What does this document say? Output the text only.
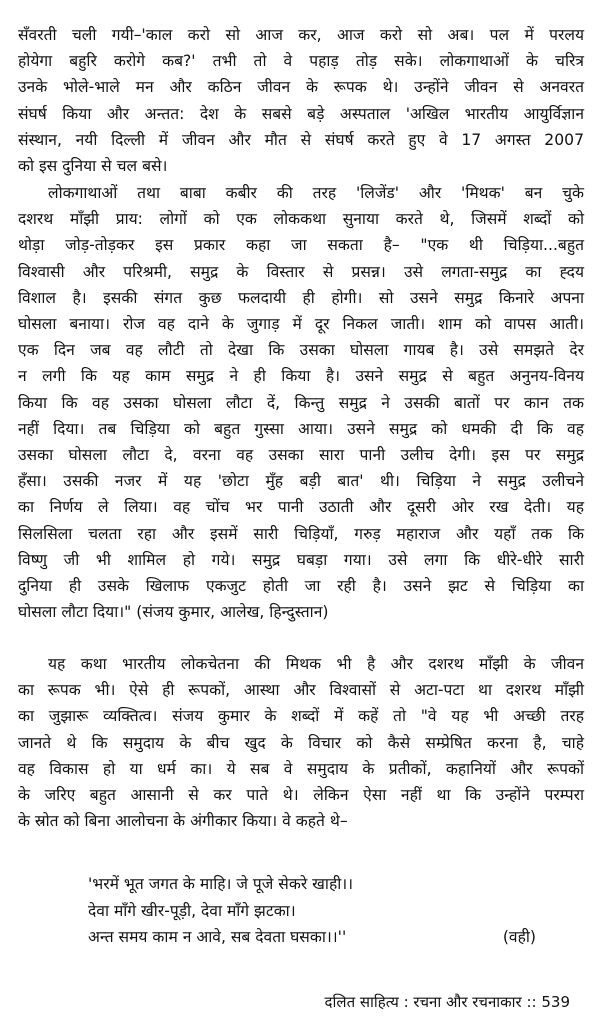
सँवरती चली गयी–'काल करो सो आज कर, आज करो सो अब। पल में परलय
होयेगा बहुरि करोगे कब?' तभी तो वे पहाड़ तोड़ सके। लोकगाथाओं के चरित्र
उनके भोले-भाले मन और कठिन जीवन के रूपक थे। उन्होंने जीवन से अनवरत
संघर्ष किया और अन्तत: देश के सबसे बड़े अस्पताल 'अखिल भारतीय आयुर्विज्ञान
संस्थान, नयी दिल्ली में जीवन और मौत से संघर्ष करते हुए वे 17 अगस्त 2007
को इस दुनिया से चल बसे।
लोकगाथाओं तथा बाबा कबीर की तरह 'लिजेंड' और 'मिथक' बन चुके
दशरथ माँझी प्राय: लोगों को एक लोककथा सुनाया करते थे, जिसमें शब्दों को
थोड़ा जोड़-तोड़कर इस प्रकार कहा जा सकता है– "एक थी चिड़िया...बहुत
विश्वासी और परिश्रमी, समुद्र के विस्तार से प्रसन्न। उसे लगता-समुद्र का ह्दय
विशाल है। इसकी संगत कुछ फलदायी ही होगी। सो उसने समुद्र किनारे अपना
घोसला बनाया। रोज वह दाने के जुगाड़ में दूर निकल जाती। शाम को वापस आती।
एक दिन जब वह लौटी तो देखा कि उसका घोसला गायब है। उसे समझते देर
न लगी कि यह काम समुद्र ने ही किया है। उसने समुद्र से बहुत अनुनय-विनय
किया कि वह उसका घोसला लौटा दें, किन्तु समुद्र ने उसकी बातों पर कान तक
नहीं दिया। तब चिड़िया को बहुत गुस्सा आया। उसने समुद्र को धमकी दी कि वह
उसका घोसला लौटा दे, वरना वह उसका सारा पानी उलीच देगी। इस पर समुद्र
हँसा। उसकी नजर में यह 'छोटा मुँह बड़ी बात' थी। चिड़िया ने समुद्र उलीचने
का निर्णय ले लिया। वह चोंच भर पानी उठाती और दूसरी ओर रख देती। यह
सिलसिला चलता रहा और इसमें सारी चिड़ियाँ, गरुड़ महाराज और यहाँ तक कि
विष्णु जी भी शामिल हो गये। समुद्र घबड़ा गया। उसे लगा कि धीरे-धीरे सारी
दुनिया ही उसके खिलाफ एकजुट होती जा रही है। उसने झट से चिड़िया का
घोसला लौटा दिया।" (संजय कुमार, आलेख, हिन्दुस्तान)
यह कथा भारतीय लोकचेतना की मिथक भी है और दशरथ माँझी के जीवन
का रूपक भी। ऐसे ही रूपकों, आस्था और विश्वासों से अटा-पटा था दशरथ माँझी
का जुझारू व्यक्तित्व। संजय कुमार के शब्दों में कहें तो "वे यह भी अच्छी तरह
जानते थे कि समुदाय के बीच खुद के विचार को कैसे सम्प्रेषित करना है, चाहे
वह विकास हो या धर्म का। ये सब वे समुदाय के प्रतीकों, कहानियों और रूपकों
के जरिए बहुत आसानी से कर पाते थे। लेकिन ऐसा नहीं था कि उन्होंने परम्परा
के स्रोत को बिना आलोचना के अंगीकार किया। वे कहते थे–
'भरमें भूत जगत के माहि। जे पूजे सेकरे खाही।।
देवा माँगे खीर-पूड़ी, देवा माँगे झटका।
अन्त समय काम न आवे, सब देवता घसका।।''	(वही)
दलित साहित्य : रचना और रचनाकार :: 539
